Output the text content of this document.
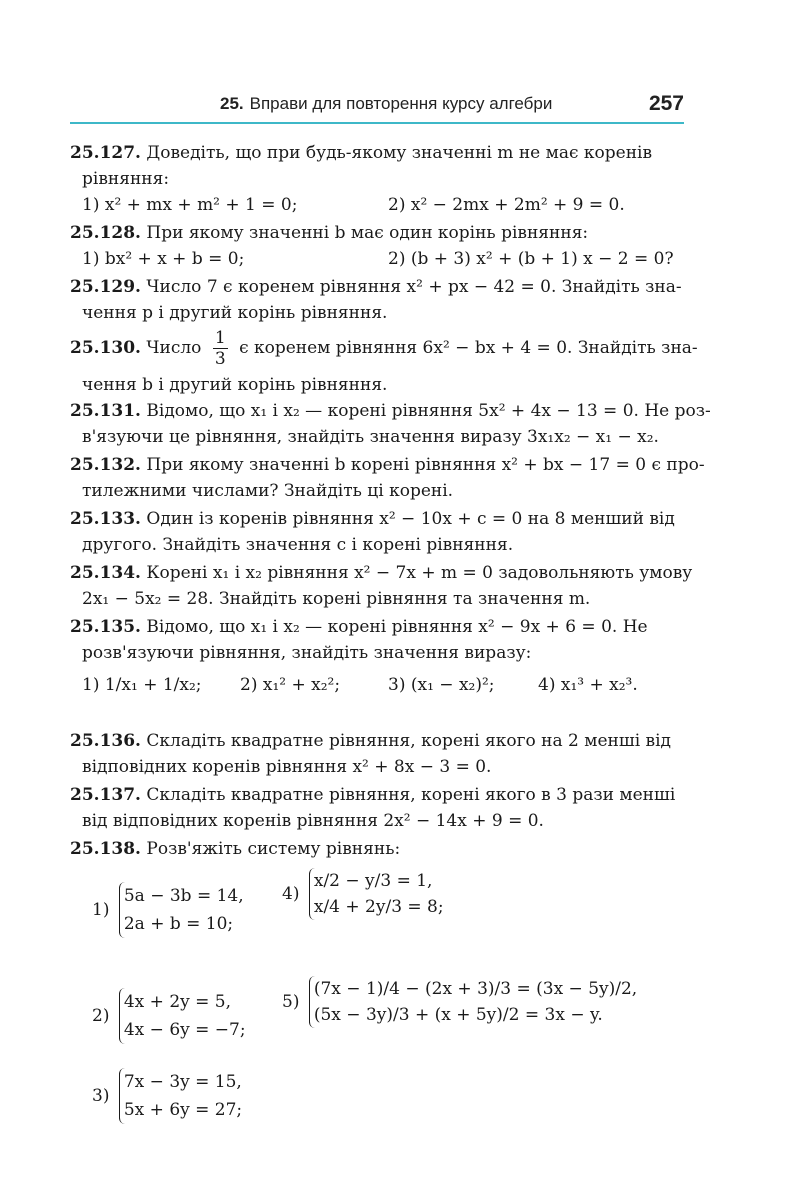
25. Вправи для повторення курсу алгебри	257
25.127. Доведіть, що при будь-якому значенні m не має коренів
рівняння:
1) x² + mx + m² + 1 = 0;	2) x² − 2mx + 2m² + 9 = 0.
25.128. При якому значенні b має один корінь рівняння:
1) bx² + x + b = 0;	2) (b + 3) x² + (b + 1) x − 2 = 0?
25.129. Число 7 є коренем рівняння x² + px − 42 = 0. Знайдіть зна-
чення p і другий корінь рівняння.
25.130. Число $\frac{1}{3}$ є коренем рівняння 6x² − bx + 4 = 0. Знайдіть зна-
чення b і другий корінь рівняння.
25.131. Відомо, що x₁ і x₂ — корені рівняння 5x² + 4x − 13 = 0. Не роз-
в'язуючи це рівняння, знайдіть значення виразу 3x₁x₂ − x₁ − x₂.
25.132. При якому значенні b корені рівняння x² + bx − 17 = 0 є про-
тилежними числами? Знайдіть ці корені.
25.133. Один із коренів рівняння x² − 10x + c = 0 на 8 менший від
другого. Знайдіть значення c і корені рівняння.
25.134. Корені x₁ і x₂ рівняння x² − 7x + m = 0 задовольняють умову
2x₁ − 5x₂ = 28. Знайдіть корені рівняння та значення m.
25.135. Відомо, що x₁ і x₂ — корені рівняння x² − 9x + 6 = 0. Не
розв'язуючи рівняння, знайдіть значення виразу:
1) 1/x₁ + 1/x₂; 2) x₁² + x₂²;	3) (x₁ − x₂)²;	4) x₁³ + x₂³.
25.136. Складіть квадратне рівняння, корені якого на 2 менші від
відповідних коренів рівняння x² + 8x − 3 = 0.
25.137. Складіть квадратне рівняння, корені якого в 3 рази менші
від відповідних коренів рівняння 2x² − 14x + 9 = 0.
25.138. Розв'яжіть систему рівнянь:
1)
5a − 3b = 14,
2a + b = 10;
4)
x/2 − y/3 = 1,
x/4 + 2y/3 = 8;
2)
4x + 2y = 5,
4x − 6y = −7;
5)
(7x − 1)/4 − (2x + 3)/3 = (3x − 5y)/2,
(5x − 3y)/3 + (x + 5y)/2 = 3x − y.
3)
7x − 3y = 15,
5x + 6y = 27;
